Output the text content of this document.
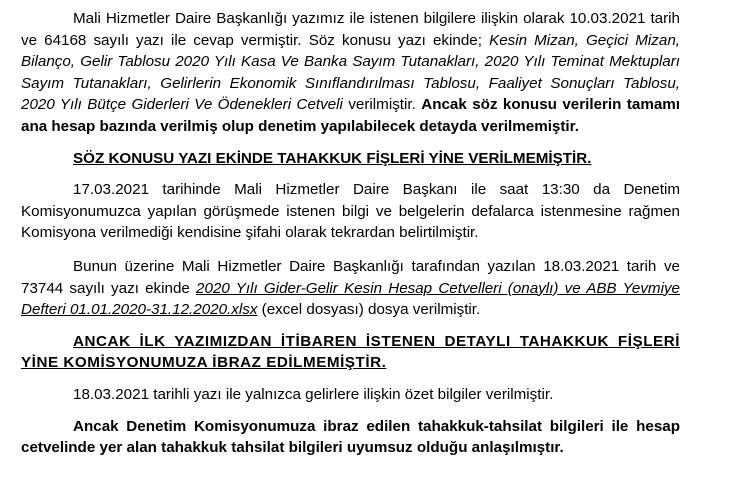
Mali Hizmetler Daire Başkanlığı yazımız ile istenen bilgilere ilişkin olarak 10.03.2021 tarih ve 64168 sayılı yazı ile cevap vermiştir. Söz konusu yazı ekinde; Kesin Mizan, Geçici Mizan, Bilanço, Gelir Tablosu 2020 Yılı Kasa Ve Banka Sayım Tutanakları, 2020 Yılı Teminat Mektupları Sayım Tutanakları, Gelirlerin Ekonomik Sınıflandırılması Tablosu, Faaliyet Sonuçları Tablosu, 2020 Yılı Bütçe Giderleri Ve Ödenekleri Cetveli verilmiştir. Ancak söz konusu verilerin tamamı ana hesap bazında verilmiş olup denetim yapılabilecek detayda verilmemiştir.

SÖZ KONUSU YAZI EKİNDE TAHAKKUK FİŞLERİ YİNE VERİLMEMİŞTİR.

17.03.2021 tarihinde Mali Hizmetler Daire Başkanı ile saat 13:30 da Denetim Komisyonumuzca yapılan görüşmede istenen bilgi ve belgelerin defalarca istenmesine rağmen Komisyona verilmediği kendisine şifahi olarak tekrardan belirtilmiştir.

Bunun üzerine Mali Hizmetler Daire Başkanlığı tarafından yazılan 18.03.2021 tarih ve 73744 sayılı yazı ekinde 2020 Yılı Gider-Gelir Kesin Hesap Cetvelleri (onaylı) ve ABB Yevmiye Defteri 01.01.2020-31.12.2020.xlsx (excel dosyası) dosya verilmiştir.

ANCAK İLK YAZIMIZDAN İTİBAREN İSTENEN DETAYLI TAHAKKUK FİŞLERİ YİNE KOMİSYONUMUZA İBRAZ EDİLMEMİŞTİR.

18.03.2021 tarihli yazı ile yalnızca gelirlere ilişkin özet bilgiler verilmiştir.

Ancak Denetim Komisyonumuza ibraz edilen tahakkuk-tahsilat bilgileri ile hesap cetvelinde yer alan tahakkuk tahsilat bilgileri uyumsuz olduğu anlaşılmıştır.
